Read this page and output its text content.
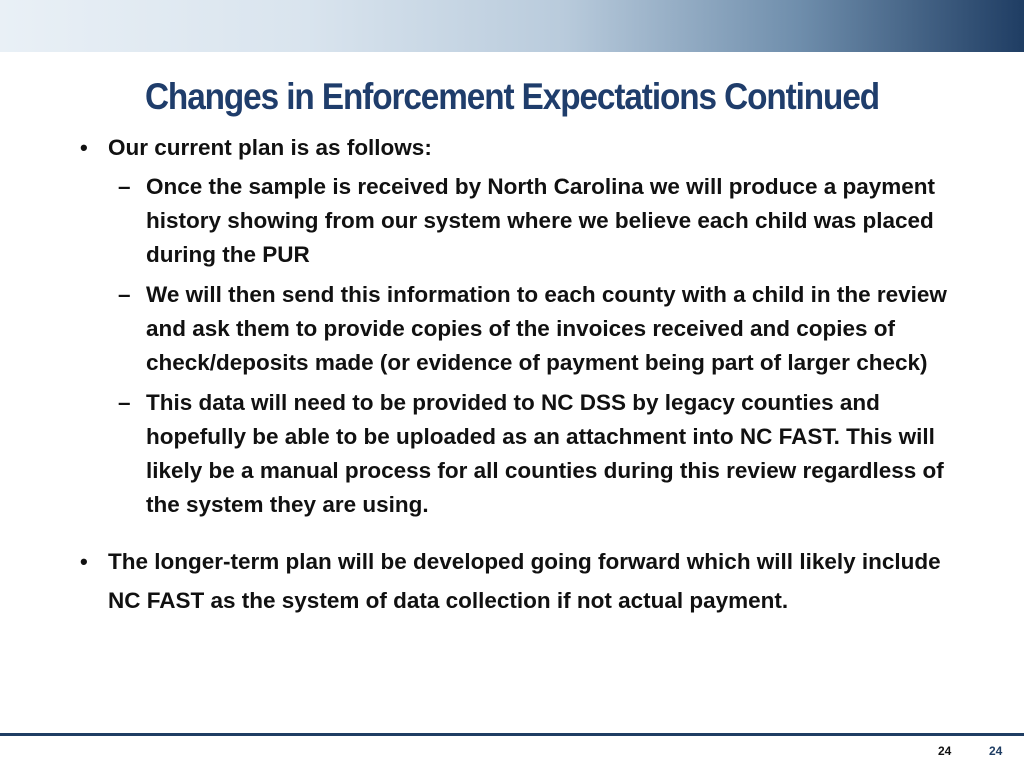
Changes in Enforcement Expectations Continued
• Our current plan is as follows:
– Once the sample is received by North Carolina we will produce a payment history showing from our system where we believe each child was placed during the PUR
– We will then send this information to each county with a child in the review and ask them to provide copies of the invoices received and copies of check/deposits made (or evidence of payment being part of larger check)
– This data will need to be provided to NC DSS by legacy counties and hopefully be able to be uploaded as an attachment into NC FAST. This will likely be a manual process for all counties during this review regardless of the system they are using.
• The longer-term plan will be developed going forward which will likely include NC FAST as the system of data collection if not actual payment.
24	24
